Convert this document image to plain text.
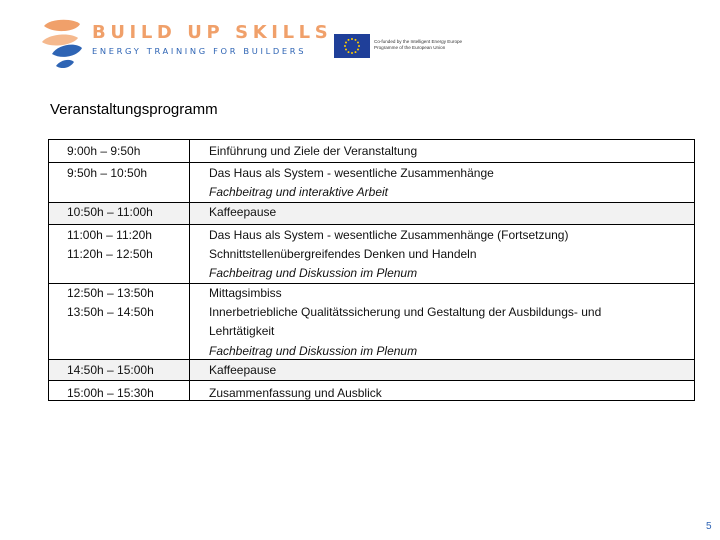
BUILD UP SKILLS
ENERGY TRAINING FOR BUILDERS
Co-funded by the Intelligent Energy Europe
Programme of the European Union
Veranstaltungsprogramm
9:00h – 9:50h
9:50h – 10:50h
10:50h – 11:00h
11:00h – 11:20h
11:20h – 12:50h
12:50h – 13:50h
13:50h – 14:50h
14:50h – 15:00h
15:00h – 15:30h
Einführung und Ziele der Veranstaltung
Das Haus als System - wesentliche Zusammenhänge
Fachbeitrag und interaktive Arbeit
Kaffeepause
Das Haus als System - wesentliche Zusammenhänge (Fortsetzung)
Schnittstellenübergreifendes Denken und Handeln
Fachbeitrag und Diskussion im Plenum
Mittagsimbiss
Innerbetriebliche Qualitätssicherung und Gestaltung der Ausbildungs- und
Lehrtätigkeit
Fachbeitrag und Diskussion im Plenum
Kaffeepause
Zusammenfassung und Ausblick
5
